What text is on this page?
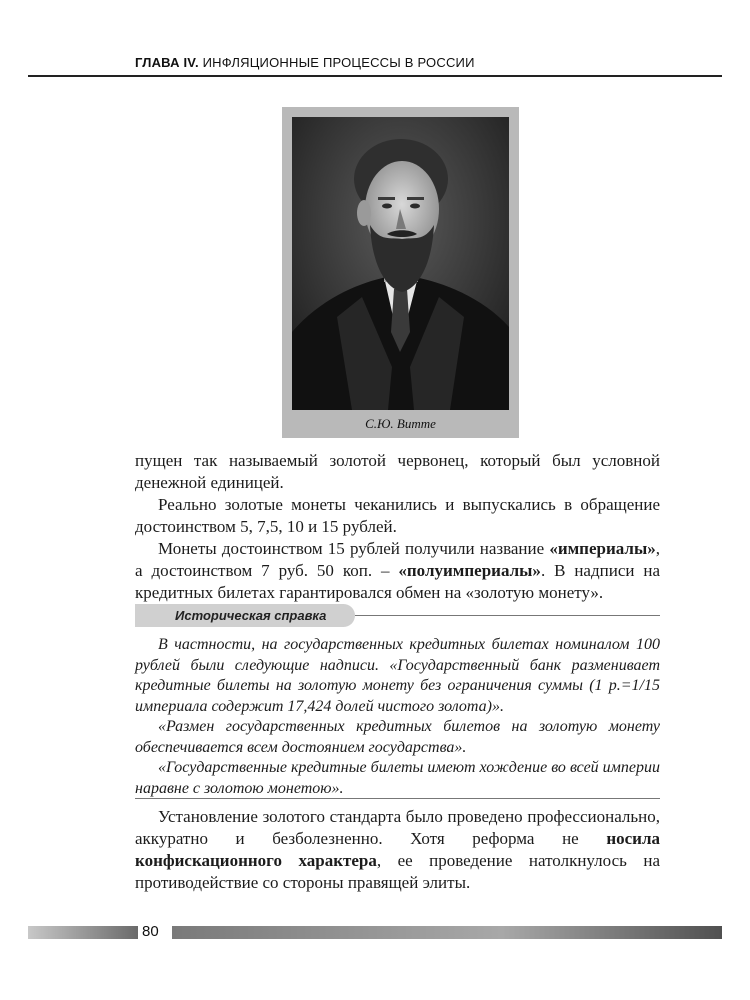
ГЛАВА IV. ИНФЛЯЦИОННЫЕ ПРОЦЕССЫ В РОССИИ
С.Ю. Витте

пущен так называемый золотой червонец, который был условной денежной единицей.

Реально золотые монеты чеканились и выпускались в обращение достоинством 5, 7,5, 10 и 15 рублей.

Монеты достоинством 15 рублей получили название «империалы», а достоинством 7 руб. 50 коп. – «полуимпериалы». В надписи на кредитных билетах гарантировался обмен на «золотую монету».

Историческая справка

В частности, на государственных кредитных билетах номиналом 100 рублей были следующие надписи. «Государственный банк разменивает кредитные билеты на золотую монету без ограничения суммы (1 р.=1/15 империала содержит 17,424 долей чистого золота)».

«Размен государственных кредитных билетов на золотую монету обеспечивается всем достоянием государства».

«Государственные кредитные билеты имеют хождение во всей империи наравне с золотою монетою».

Установление золотого стандарта было проведено профессионально, аккуратно и безболезненно. Хотя реформа не носила конфискационного характера, ее проведение натолкнулось на противодействие со стороны правящей элиты.

80
